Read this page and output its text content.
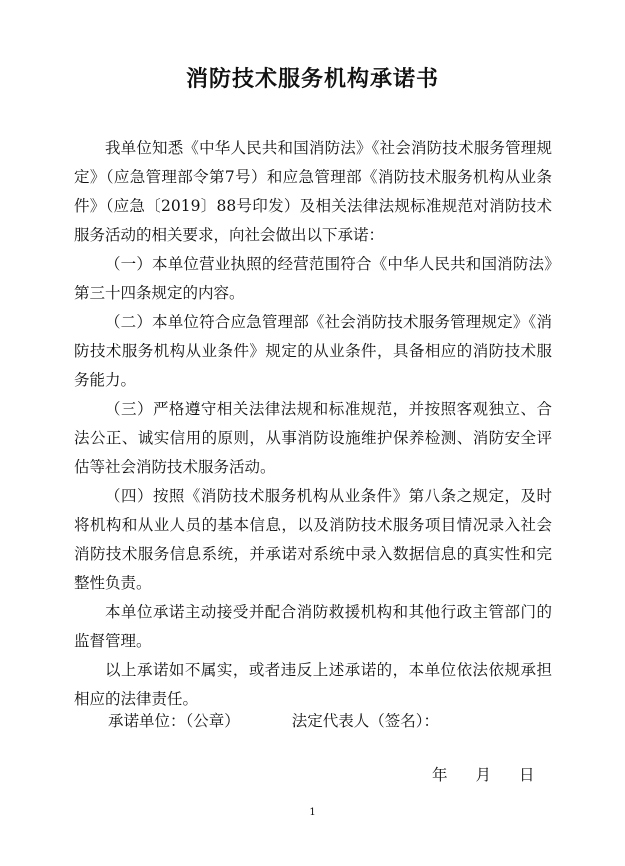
消防技术服务机构承诺书

我单位知悉《中华人民共和国消防法》《社会消防技术服务管理规定》（应急管理部令第7号）和应急管理部《消防技术服务机构从业条件》（应急〔2019〕88号印发）及相关法律法规标准规范对消防技术服务活动的相关要求，向社会做出以下承诺：

（一）本单位营业执照的经营范围符合《中华人民共和国消防法》第三十四条规定的内容。

（二）本单位符合应急管理部《社会消防技术服务管理规定》《消防技术服务机构从业条件》规定的从业条件，具备相应的消防技术服务能力。

（三）严格遵守相关法律法规和标准规范，并按照客观独立、合法公正、诚实信用的原则，从事消防设施维护保养检测、消防安全评估等社会消防技术服务活动。

（四）按照《消防技术服务机构从业条件》第八条之规定，及时将机构和从业人员的基本信息，以及消防技术服务项目情况录入社会消防技术服务信息系统，并承诺对系统中录入数据信息的真实性和完整性负责。

本单位承诺主动接受并配合消防救援机构和其他行政主管部门的监督管理。

以上承诺如不属实，或者违反上述承诺的，本单位依法依规承担相应的法律责任。

承诺单位：（公章）	法定代表人（签名）：
年 月 日
1
